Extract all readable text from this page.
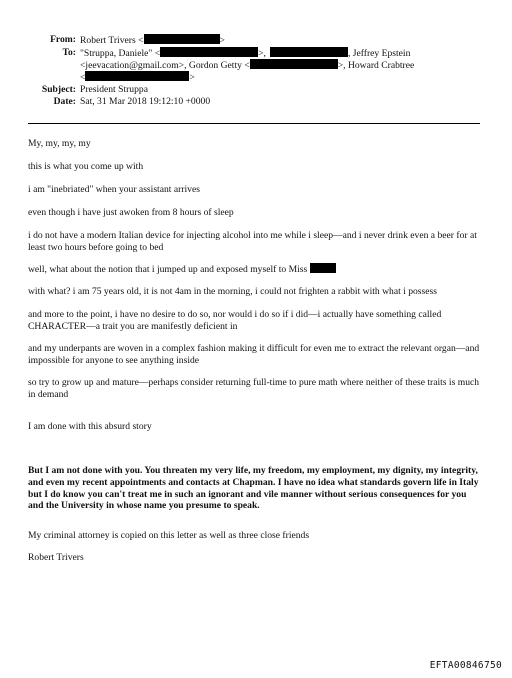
From: Robert Trivers <	>
To: "Struppa, Daniele" <	>,	, Jeffrey Epstein
<jeevacation@gmail.com>, Gordon Getty <	>, Howard Crabtree
<	>
Subject: President Struppa
Date: Sat, 31 Mar 2018 19:12:10 +0000
My, my, my, my
this is what you come up with
i am "inebriated" when your assistant arrives
even though i have just awoken from 8 hours of sleep
i do not have a modern Italian device for injecting alcohol into me while i sleep—and i never drink even a beer for at least two hours before going to bed
well, what about the notion that i jumped up and exposed myself to Miss
with what? i am 75 years old, it is not 4am in the morning, i could not frighten a rabbit with what i possess
and more to the point, i have no desire to do so, nor would i do so if i did—i actually have something called CHARACTER—a trait you are manifestly deficient in
and my underpants are woven in a complex fashion making it difficult for even me to extract the relevant organ—and impossible for anyone to see anything inside
so try to grow up and mature—perhaps consider returning full-time to pure math where neither of these traits is much in demand
I am done with this absurd story
But I am not done with you. You threaten my very life, my freedom, my employment, my dignity, my integrity, and even my recent appointments and contacts at Chapman. I have no idea what standards govern life in Italy but I do know you can't treat me in such an ignorant and vile manner without serious consequences for you and the University in whose name you presume to speak.
My criminal attorney is copied on this letter as well as three close friends
Robert Trivers
EFTA00846750
